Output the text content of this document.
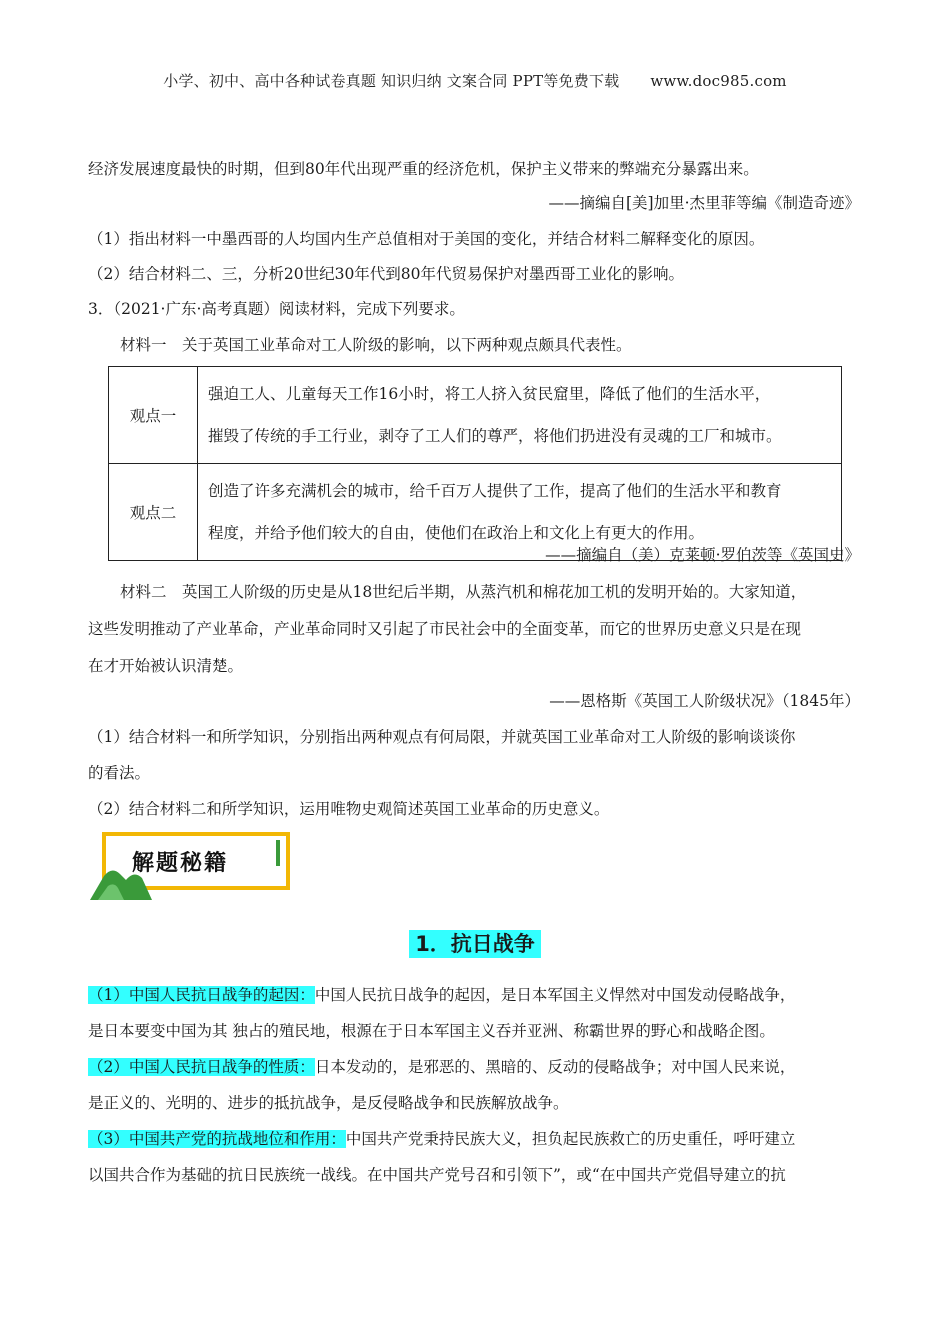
小学、初中、高中各种试卷真题 知识归纳 文案合同 PPT等免费下载 www.doc985.com
经济发展速度最快的时期，但到80年代出现严重的经济危机，保护主义带来的弊端充分暴露出来。
——摘编自[美]加里·杰里菲等编《制造奇迹》
（1）指出材料一中墨西哥的人均国内生产总值相对于美国的变化，并结合材料二解释变化的原因。
（2）结合材料二、三，分析20世纪30年代到80年代贸易保护对墨西哥工业化的影响。
3．（2021·广东·高考真题）阅读材料，完成下列要求。
材料一　关于英国工业革命对工人阶级的影响，以下两种观点颇具代表性。
观点一	强迫工人、儿童每天工作16小时，将工人挤入贫民窟里，降低了他们的生活水平，
摧毁了传统的手工行业，剥夺了工人们的尊严，将他们扔进没有灵魂的工厂和城市。

观点二	创造了许多充满机会的城市，给千百万人提供了工作，提高了他们的生活水平和教育
程度，并给予他们较大的自由，使他们在政治上和文化上有更大的作用。
——摘编自（美）克莱顿·罗伯茨等《英国史》
材料二　英国工人阶级的历史是从18世纪后半期，从蒸汽机和棉花加工机的发明开始的。大家知道，
这些发明推动了产业革命，产业革命同时又引起了市民社会中的全面变革，而它的世界历史意义只是在现
在才开始被认识清楚。
——恩格斯《英国工人阶级状况》（1845年）
（1）结合材料一和所学知识，分别指出两种观点有何局限，并就英国工业革命对工人阶级的影响谈谈你
的看法。
（2）结合材料二和所学知识，运用唯物史观简述英国工业革命的历史意义。
解题秘籍
1．抗日战争
（1）中国人民抗日战争的起因：中国人民抗日战争的起因，是日本军国主义悍然对中国发动侵略战争，
是日本要变中国为其 独占的殖民地，根源在于日本军国主义吞并亚洲、称霸世界的野心和战略企图。
（2）中国人民抗日战争的性质：日本发动的，是邪恶的、黑暗的、反动的侵略战争；对中国人民来说，
是正义的、光明的、进步的抵抗战争，是反侵略战争和民族解放战争。
（3）中国共产党的抗战地位和作用：中国共产党秉持民族大义，担负起民族救亡的历史重任，呼吁建立
以国共合作为基础的抗日民族统一战线。在中国共产党号召和引领下”，或“在中国共产党倡导建立的抗
